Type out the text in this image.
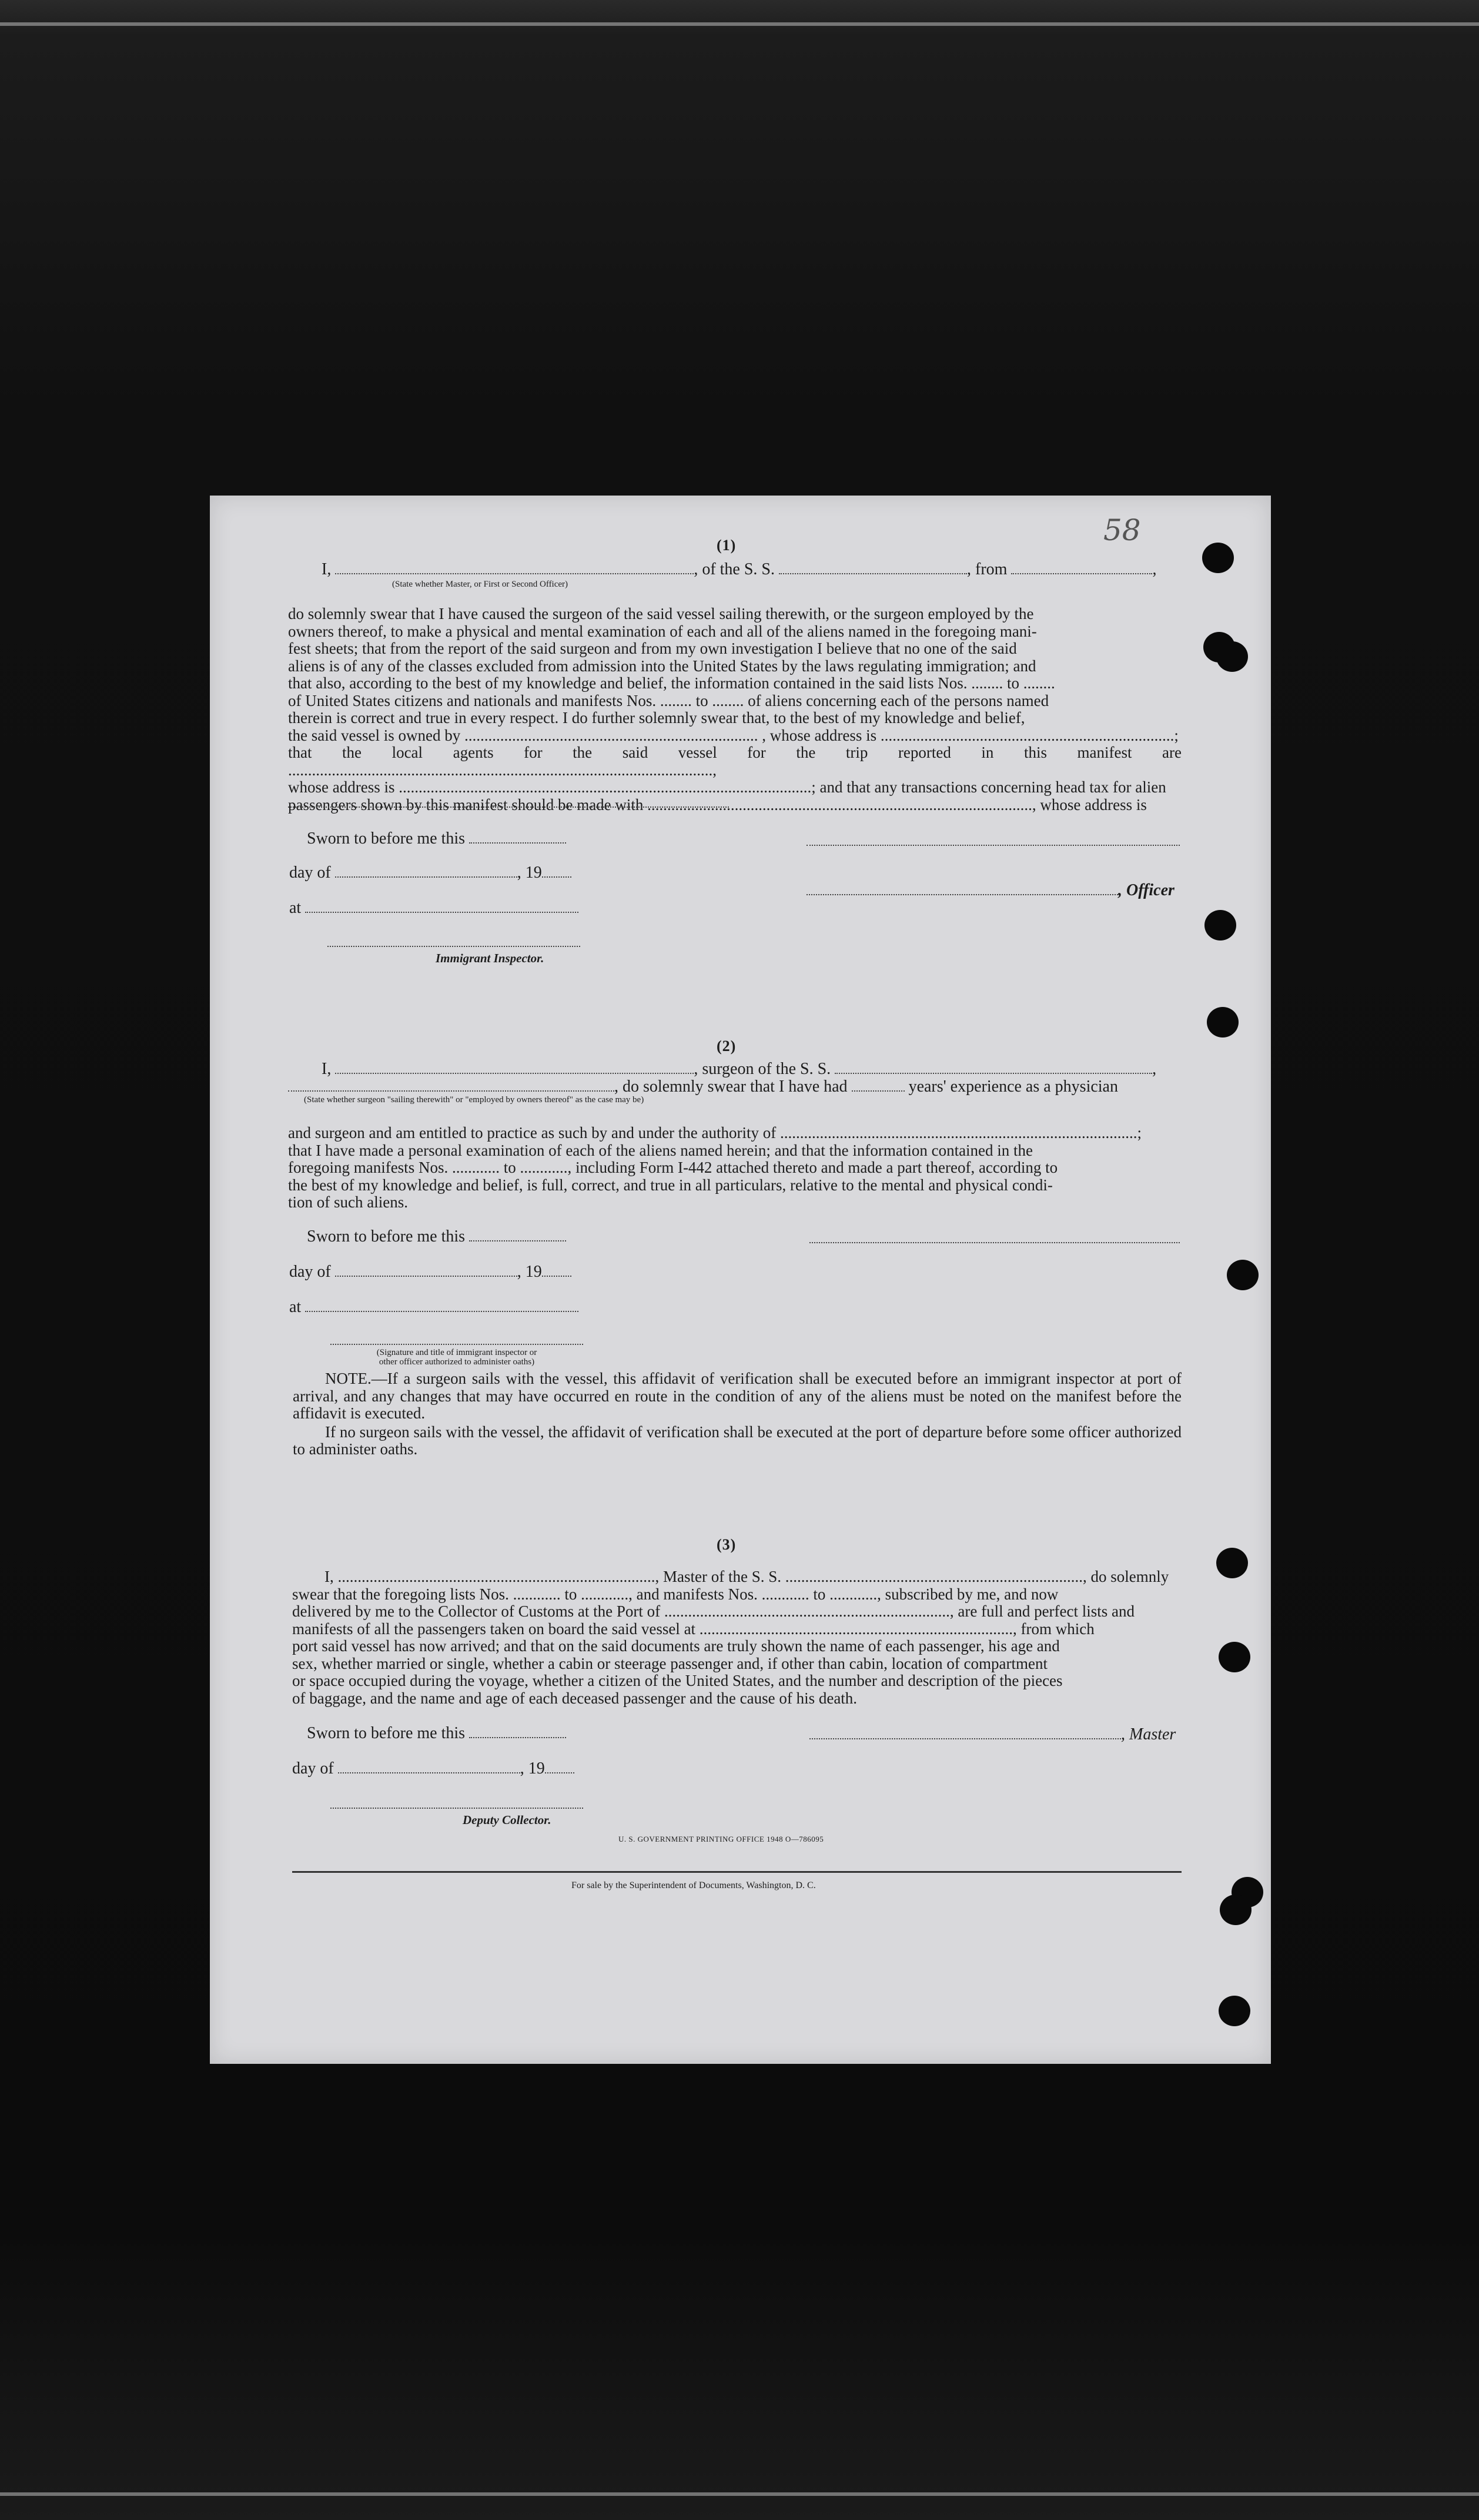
58
(1)
I,	, of the S. S.	, from	,
(State whether Master, or First or Second Officer)

do solemnly swear that I have caused the surgeon of the said vessel sailing therewith, or the surgeon employed by the

owners thereof, to make a physical and mental examination of each and all of the aliens named in the foregoing mani-

fest sheets; that from the report of the said surgeon and from my own investigation I believe that no one of the said

aliens is of any of the classes excluded from admission into the United States by the laws regulating immigration; and

that also, according to the best of my knowledge and belief, the information contained in the said lists Nos. ........ to ........

of United States citizens and nationals and manifests Nos. ........ to ........ of aliens concerning each of the persons named

therein is correct and true in every respect. I do further solemnly swear that, to the best of my knowledge and belief,

the said vessel is owned by .......................................................................... , whose address is ..........................................................................;

that the local agents for the said vessel for the trip reported in this manifest are ...........................................................................................................,

whose address is ........................................................................................................; and that any transactions concerning head tax for alien

passengers shown by this manifest should be made with ................................................................................................., whose address is

Sworn to before me this
day of	, 19
, Officer
at
Immigrant Inspector.
(2)
I,	, surgeon of the S. S.	,
, do solemnly swear that I have had	years' experience as a physician
(State whether surgeon "sailing therewith" or "employed by owners thereof" as the case may be)

and surgeon and am entitled to practice as such by and under the authority of ..........................................................................................;

that I have made a personal examination of each of the aliens named herein; and that the information contained in the

foregoing manifests Nos. ............ to ............, including Form I-442 attached thereto and made a part thereof, according to

the best of my knowledge and belief, is full, correct, and true in all particulars, relative to the mental and physical condi-

tion of such aliens.

Sworn to before me this
day of	, 19
at
(Signature and title of immigrant inspector or
other officer authorized to administer oaths)

NOTE.—If a surgeon sails with the vessel, this affidavit of verification shall be executed before an immigrant inspector at port of arrival, and any changes that may have occurred en route in the condition of any of the aliens must be noted on the manifest before the affidavit is executed.

If no surgeon sails with the vessel, the affidavit of verification shall be executed at the port of departure before some officer authorized to administer oaths.

(3)

I, ................................................................................, Master of the S. S. ..........................................................................., do solemnly

swear that the foregoing lists Nos. ............ to ............, and manifests Nos. ............ to ............, subscribed by me, and now

delivered by me to the Collector of Customs at the Port of ........................................................................, are full and perfect lists and

manifests of all the passengers taken on board the said vessel at ..............................................................................., from which

port said vessel has now arrived; and that on the said documents are truly shown the name of each passenger, his age and

sex, whether married or single, whether a cabin or steerage passenger and, if other than cabin, location of compartment

or space occupied during the voyage, whether a citizen of the United States, and the number and description of the pieces

of baggage, and the name and age of each deceased passenger and the cause of his death.

Sworn to before me this	, Master
day of	, 19
Deputy Collector.
U. S. GOVERNMENT PRINTING OFFICE 1948 O—786095
For sale by the Superintendent of Documents, Washington, D. C.
